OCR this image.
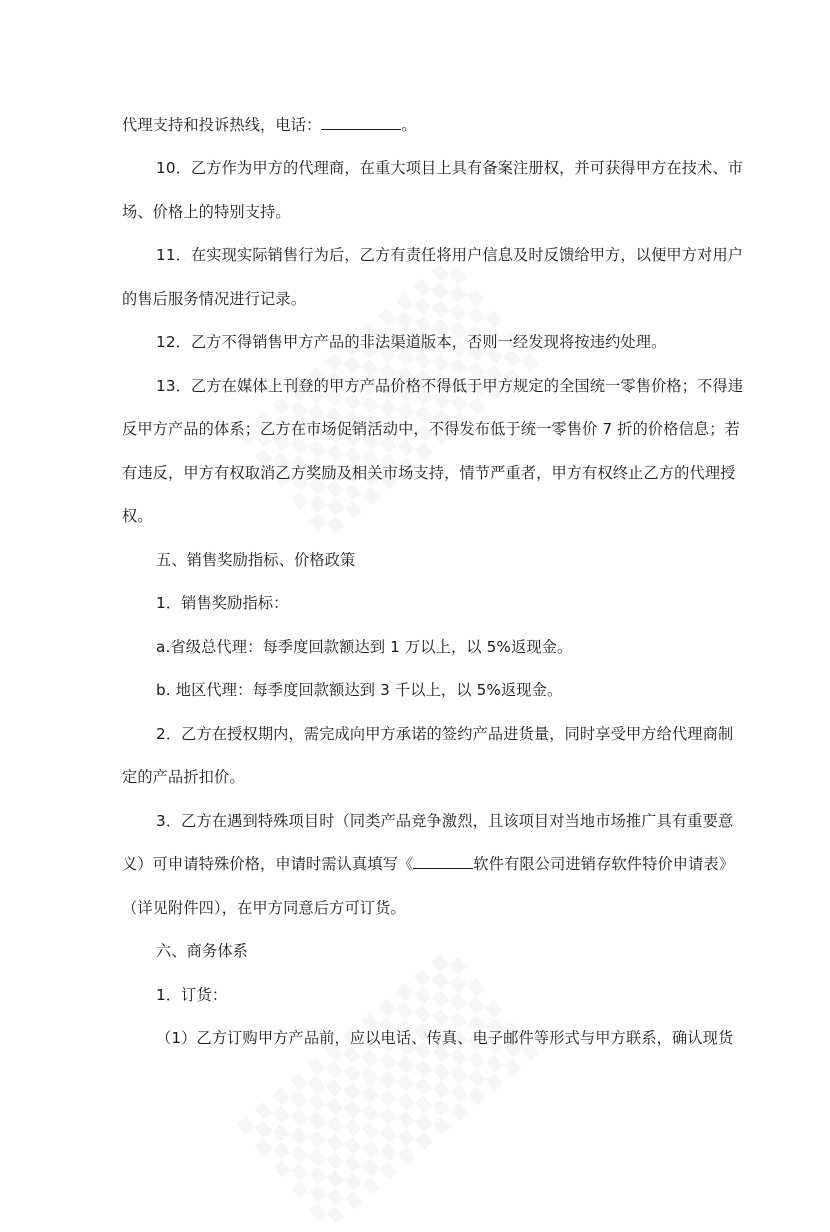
代理支持和投诉热线，电话：	。
10．乙方作为甲方的代理商，在重大项目上具有备案注册权，并可获得甲方在技术、市
场、价格上的特别支持。
11．在实现实际销售行为后，乙方有责任将用户信息及时反馈给甲方，以便甲方对用户
的售后服务情况进行记录。
12．乙方不得销售甲方产品的非法渠道版本，否则一经发现将按违约处理。
13．乙方在媒体上刊登的甲方产品价格不得低于甲方规定的全国统一零售价格；不得违
反甲方产品的体系；乙方在市场促销活动中，不得发布低于统一零售价 7 折的价格信息；若
有违反，甲方有权取消乙方奖励及相关市场支持，情节严重者，甲方有权终止乙方的代理授
权。
五、销售奖励指标、价格政策
1．销售奖励指标：
a.省级总代理：每季度回款额达到 1 万以上，以 5%返现金。
b. 地区代理：每季度回款额达到 3 千以上，以 5%返现金。
2．乙方在授权期内，需完成向甲方承诺的签约产品进货量，同时享受甲方给代理商制
定的产品折扣价。
3．乙方在遇到特殊项目时（同类产品竞争激烈，且该项目对当地市场推广具有重要意
义）可申请特殊价格，申请时需认真填写《	软件有限公司进销存软件特价申请表》
（详见附件四），在甲方同意后方可订货。
六、商务体系
1．订货：
（1）乙方订购甲方产品前，应以电话、传真、电子邮件等形式与甲方联系，确认现货
